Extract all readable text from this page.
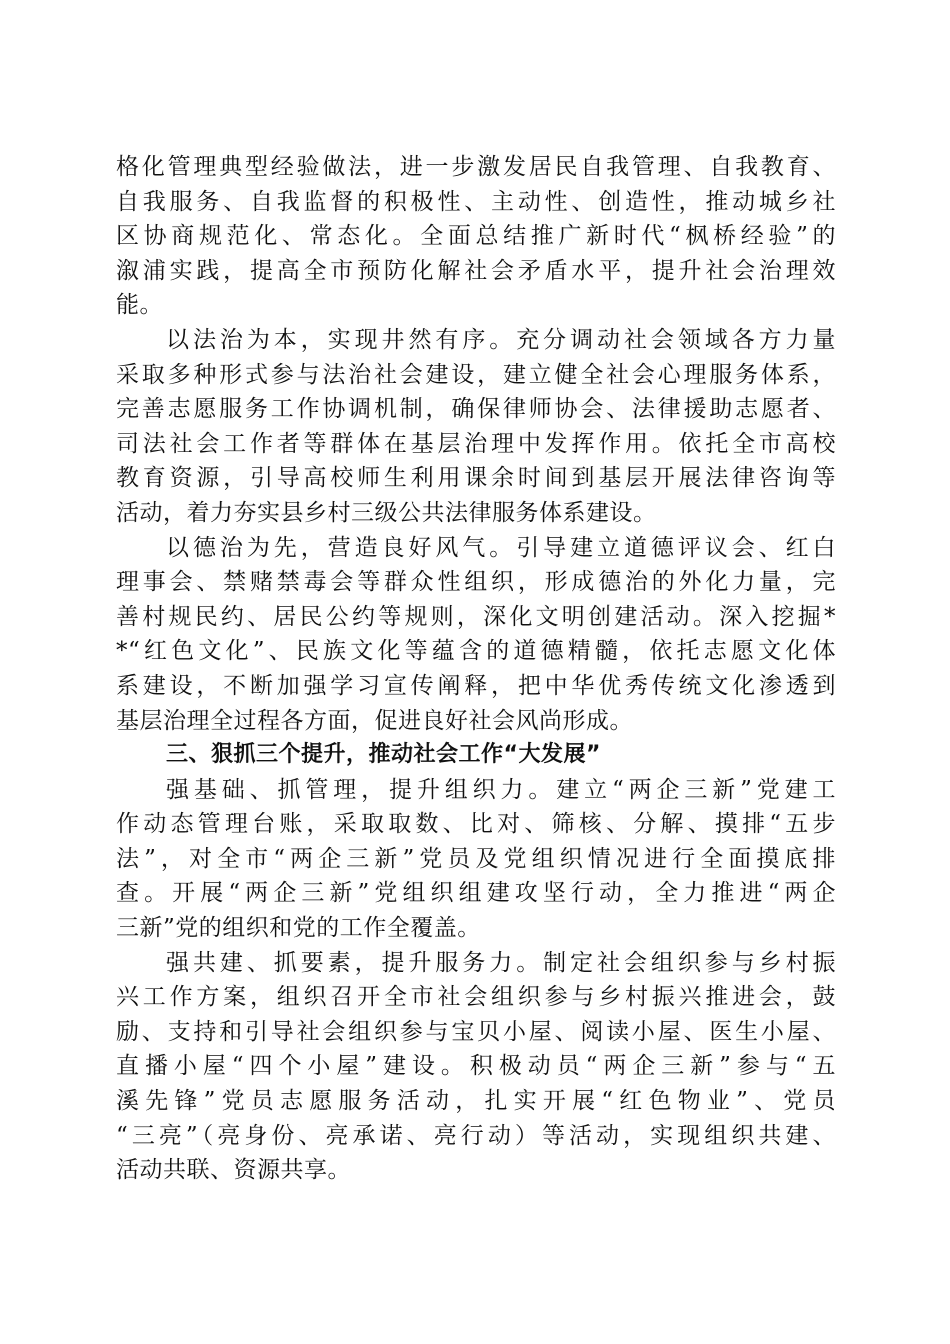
格化管理典型经验做法，进一步激发居民自我管理、自我教育、
自我服务、自我监督的积极性、主动性、创造性，推动城乡社
区协商规范化、常态化。全面总结推广新时代“枫桥经验”的
溆浦实践，提高全市预防化解社会矛盾水平，提升社会治理效
能。
以法治为本，实现井然有序。充分调动社会领域各方力量
采取多种形式参与法治社会建设，建立健全社会心理服务体系，
完善志愿服务工作协调机制，确保律师协会、法律援助志愿者、
司法社会工作者等群体在基层治理中发挥作用。依托全市高校
教育资源，引导高校师生利用课余时间到基层开展法律咨询等
活动，着力夯实县乡村三级公共法律服务体系建设。
以德治为先，营造良好风气。引导建立道德评议会、红白
理事会、禁赌禁毒会等群众性组织，形成德治的外化力量，完
善村规民约、居民公约等规则，深化文明创建活动。深入挖掘*
*“红色文化”、民族文化等蕴含的道德精髓，依托志愿文化体
系建设，不断加强学习宣传阐释，把中华优秀传统文化渗透到
基层治理全过程各方面，促进良好社会风尚形成。
三、狠抓三个提升，推动社会工作“大发展”
强基础、抓管理，提升组织力。建立“两企三新”党建工
作动态管理台账，采取取数、比对、筛核、分解、摸排“五步
法”，对全市“两企三新”党员及党组织情况进行全面摸底排
查。开展“两企三新”党组织组建攻坚行动，全力推进“两企
三新”党的组织和党的工作全覆盖。
强共建、抓要素，提升服务力。制定社会组织参与乡村振
兴工作方案，组织召开全市社会组织参与乡村振兴推进会，鼓
励、支持和引导社会组织参与宝贝小屋、阅读小屋、医生小屋、
直播小屋“四个小屋”建设。积极动员“两企三新”参与“五
溪先锋”党员志愿服务活动，扎实开展“红色物业”、党员
“三亮”（亮身份、亮承诺、亮行动）等活动，实现组织共建、
活动共联、资源共享。
